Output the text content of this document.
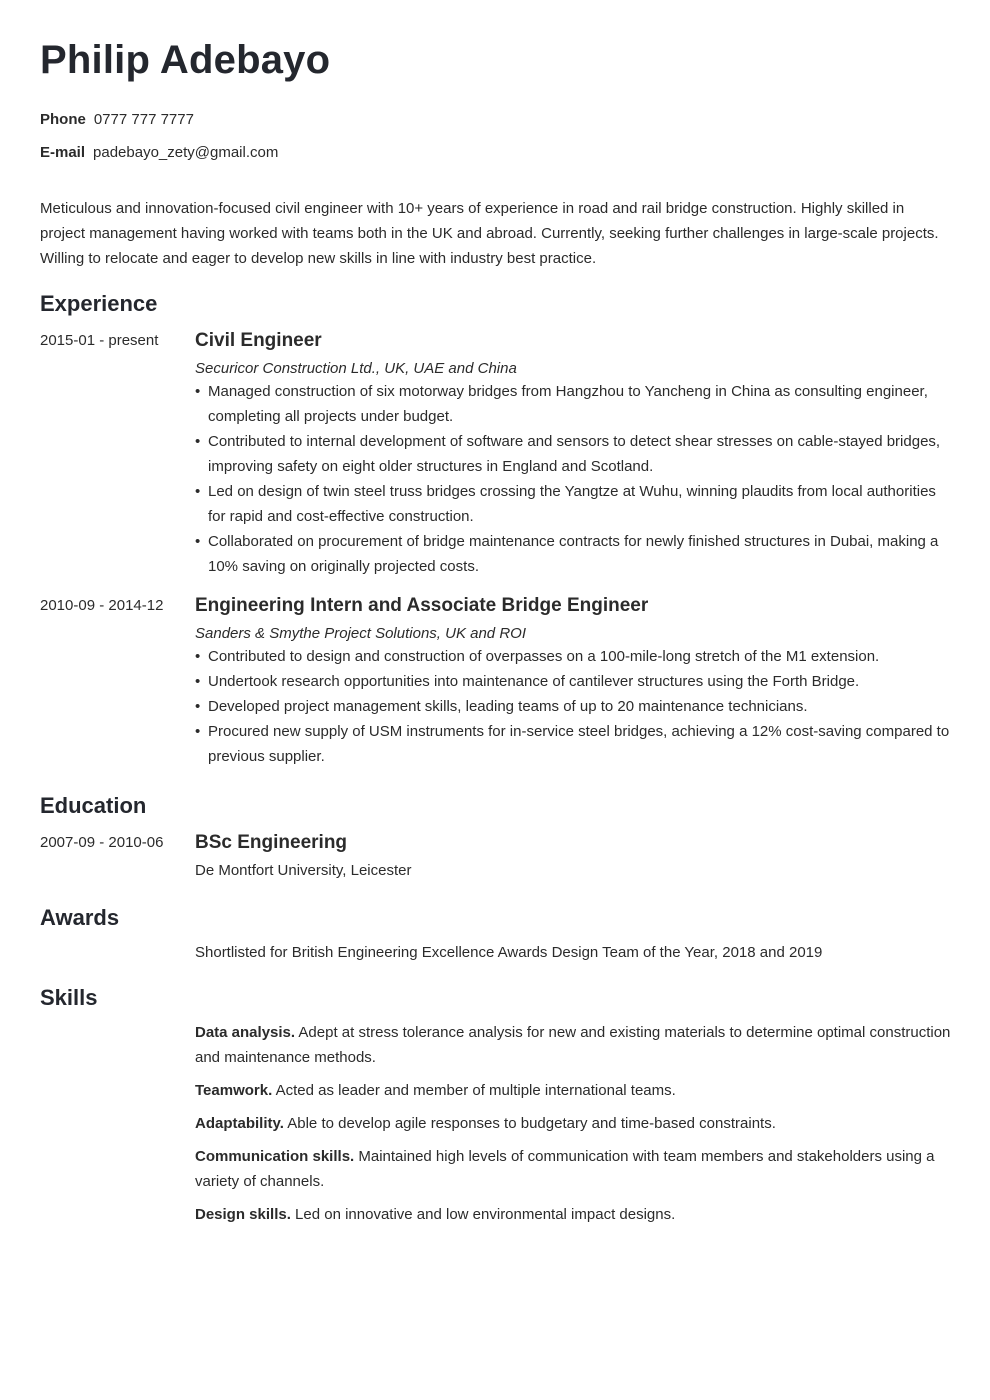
Philip Adebayo
Phone 0777 777 7777
E-mail padebayo_zety@gmail.com

Meticulous and innovation-focused civil engineer with 10+ years of experience in road and rail bridge construction. Highly skilled in project management having worked with teams both in the UK and abroad. Currently, seeking further challenges in large-scale projects. Willing to relocate and eager to develop new skills in line with industry best practice.

Experience
2015-01 - present	Civil Engineer

Securicor Construction Ltd., UK, UAE and China

• Managed construction of six motorway bridges from Hangzhou to Yancheng in China as consulting engineer, completing all projects under budget.
• Contributed to internal development of software and sensors to detect shear stresses on cable-stayed bridges, improving safety on eight older structures in England and Scotland.
• Led on design of twin steel truss bridges crossing the Yangtze at Wuhu, winning plaudits from local authorities for rapid and cost-effective construction.
• Collaborated on procurement of bridge maintenance contracts for newly finished structures in Dubai, making a 10% saving on originally projected costs.
2010-09 - 2014-12	Engineering Intern and Associate Bridge Engineer

Sanders & Smythe Project Solutions, UK and ROI

• Contributed to design and construction of overpasses on a 100-mile-long stretch of the M1 extension.
• Undertook research opportunities into maintenance of cantilever structures using the Forth Bridge.
• Developed project management skills, leading teams of up to 20 maintenance technicians.
• Procured new supply of USM instruments for in-service steel bridges, achieving a 12% cost-saving compared to previous supplier.
Education
2007-09 - 2010-06	BSc Engineering

De Montfort University, Leicester

Awards

Shortlisted for British Engineering Excellence Awards Design Team of the Year, 2018 and 2019

Skills

Data analysis. Adept at stress tolerance analysis for new and existing materials to determine optimal construction and maintenance methods.

Teamwork. Acted as leader and member of multiple international teams.

Adaptability. Able to develop agile responses to budgetary and time-based constraints.

Communication skills. Maintained high levels of communication with team members and stakeholders using a variety of channels.

Design skills. Led on innovative and low environmental impact designs.
